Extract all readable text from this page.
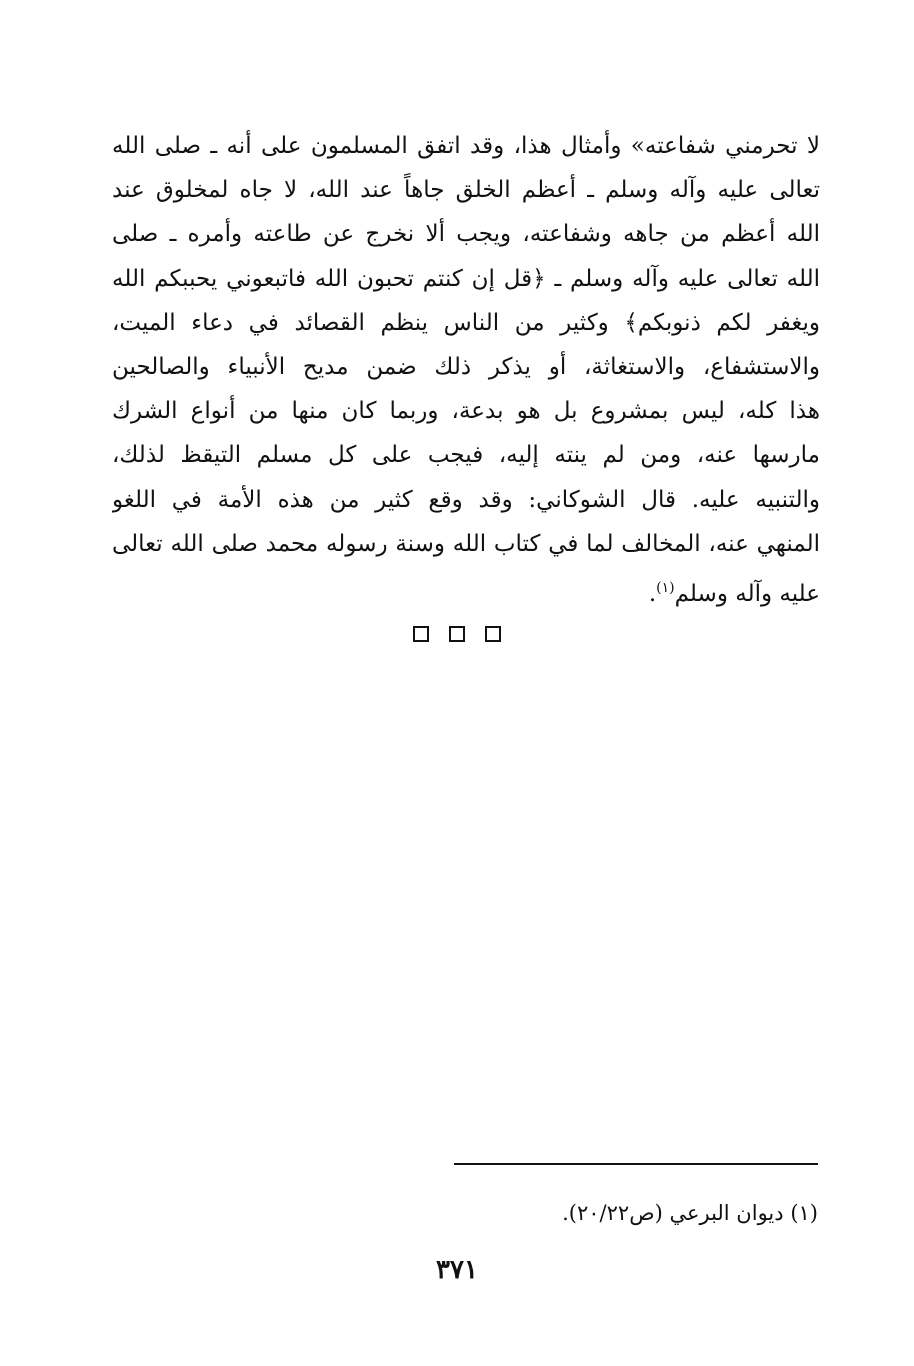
لا تحرمني شفاعته» وأمثال هذا، وقد اتفق المسلمون على أنه ـ صلى الله
تعالى عليه وآله وسلم ـ أعظم الخلق جاهاً عند الله، لا جاه لمخلوق عند
الله أعظم من جاهه وشفاعته، ويجب ألا نخرج عن طاعته وأمره ـ صلى
الله تعالى عليه وآله وسلم ـ ﴿قل إن كنتم تحبون الله فاتبعوني يحببكم الله
ويغفر لكم ذنوبكم﴾ وكثير من الناس ينظم القصائد في دعاء الميت،
والاستشفاع، والاستغاثة، أو يذكر ذلك ضمن مديح الأنبياء والصالحين
هذا كله، ليس بمشروع بل هو بدعة، وربما كان منها من أنواع الشرك
مارسها عنه، ومن لم ينته إليه، فيجب على كل مسلم التيقظ لذلك،
والتنبيه عليه. قال الشوكاني: وقد وقع كثير من هذه الأمة في اللغو
المنهي عنه، المخالف لما في كتاب الله وسنة رسوله محمد صلى الله تعالى
عليه وآله وسلم$^{(١)}$.
(١) ديوان البرعي (ص٢٠/٢٢).
٣٧١
